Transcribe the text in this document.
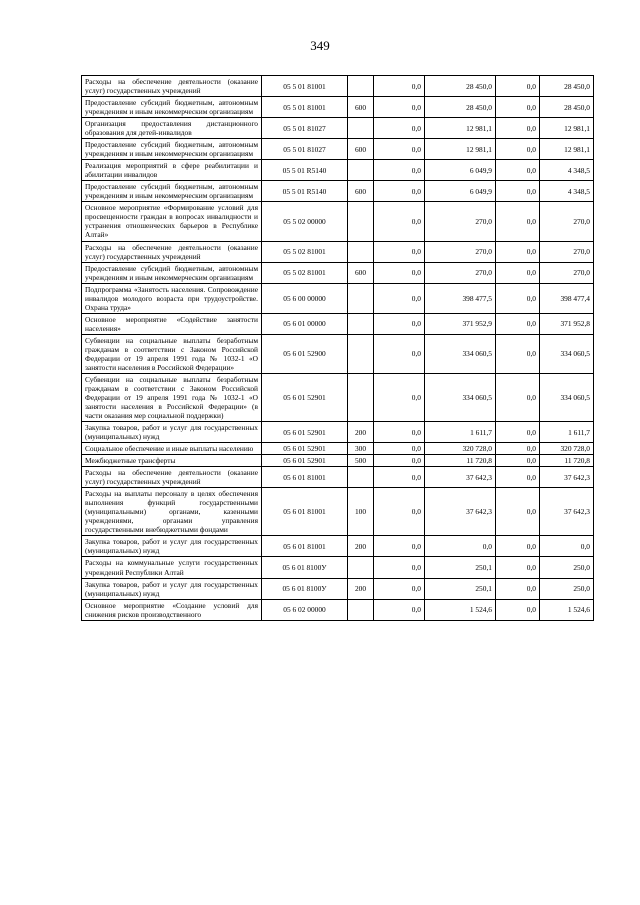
349
Расходы на обеспечение деятельности (оказание услуг) государственных учреждений	05 5 01 81001		0,0	28 450,0	0,0	28 450,0
Предоставление субсидий бюджетным, автономным учреждениям и иным некоммерческим организациям	05 5 01 81001	600	0,0	28 450,0	0,0	28 450,0
Организация предоставления дистанционного образования для детей-инвалидов	05 5 01 81027		0,0	12 981,1	0,0	12 981,1
Предоставление субсидий бюджетным, автономным учреждениям и иным некоммерческим организациям	05 5 01 81027	600	0,0	12 981,1	0,0	12 981,1
Реализация мероприятий в сфере реабилитации и абилитации инвалидов	05 5 01 R5140		0,0	6 049,9	0,0	4 348,5
Предоставление субсидий бюджетным, автономным учреждениям и иным некоммерческим организациям	05 5 01 R5140	600	0,0	6 049,9	0,0	4 348,5
Основное мероприятие «Формирование условий для просвещенности граждан в вопросах инвалидности и устранения отношенческих барьеров в Республике Алтай»	05 5 02 00000		0,0	270,0	0,0	270,0
Расходы на обеспечение деятельности (оказание услуг) государственных учреждений	05 5 02 81001		0,0	270,0	0,0	270,0
Предоставление субсидий бюджетным, автономным учреждениям и иным некоммерческим организациям	05 5 02 81001	600	0,0	270,0	0,0	270,0
Подпрограмма «Занятость населения. Сопровождение инвалидов молодого возраста при трудоустройстве. Охрана труда»	05 6 00 00000		0,0	398 477,5	0,0	398 477,4
Основное мероприятие «Содействие занятости населения»	05 6 01 00000		0,0	371 952,9	0,0	371 952,8
Субвенции на социальные выплаты безработным гражданам в соответствии с Законом Российской Федерации от 19 апреля 1991 года № 1032-1 «О занятости населения в Российской Федерации»	05 6 01 52900		0,0	334 060,5	0,0	334 060,5
Субвенции на социальные выплаты безработным гражданам в соответствии с Законом Российской Федерации от 19 апреля 1991 года № 1032-1 «О занятости населения в Российской Федерации» (в части оказания мер социальной поддержки)	05 6 01 52901		0,0	334 060,5	0,0	334 060,5
Закупка товаров, работ и услуг для государственных (муниципальных) нужд	05 6 01 52901	200	0,0	1 611,7	0,0	1 611,7
Социальное обеспечение и иные выплаты населению	05 6 01 52901	300	0,0	320 728,0	0,0	320 728,0
Межбюджетные трансферты	05 6 01 52901	500	0,0	11 720,8	0,0	11 720,8
Расходы на обеспечение деятельности (оказание услуг) государственных учреждений	05 6 01 81001		0,0	37 642,3	0,0	37 642,3
Расходы на выплаты персоналу в целях обеспечения выполнения функций государственными (муниципальными) органами, казенными учреждениями, органами управления государственными внебюджетными фондами	05 6 01 81001	100	0,0	37 642,3	0,0	37 642,3
Закупка товаров, работ и услуг для государственных (муниципальных) нужд	05 6 01 81001	200	0,0	0,0	0,0	0,0
Расходы на коммунальные услуги государственных учреждений Республики Алтай	05 6 01 8100У		0,0	250,1	0,0	250,0
Закупка товаров, работ и услуг для государственных (муниципальных) нужд	05 6 01 8100У	200	0,0	250,1	0,0	250,0
Основное мероприятие «Создание условий для снижения рисков производственного	05 6 02 00000		0,0	1 524,6	0,0	1 524,6
